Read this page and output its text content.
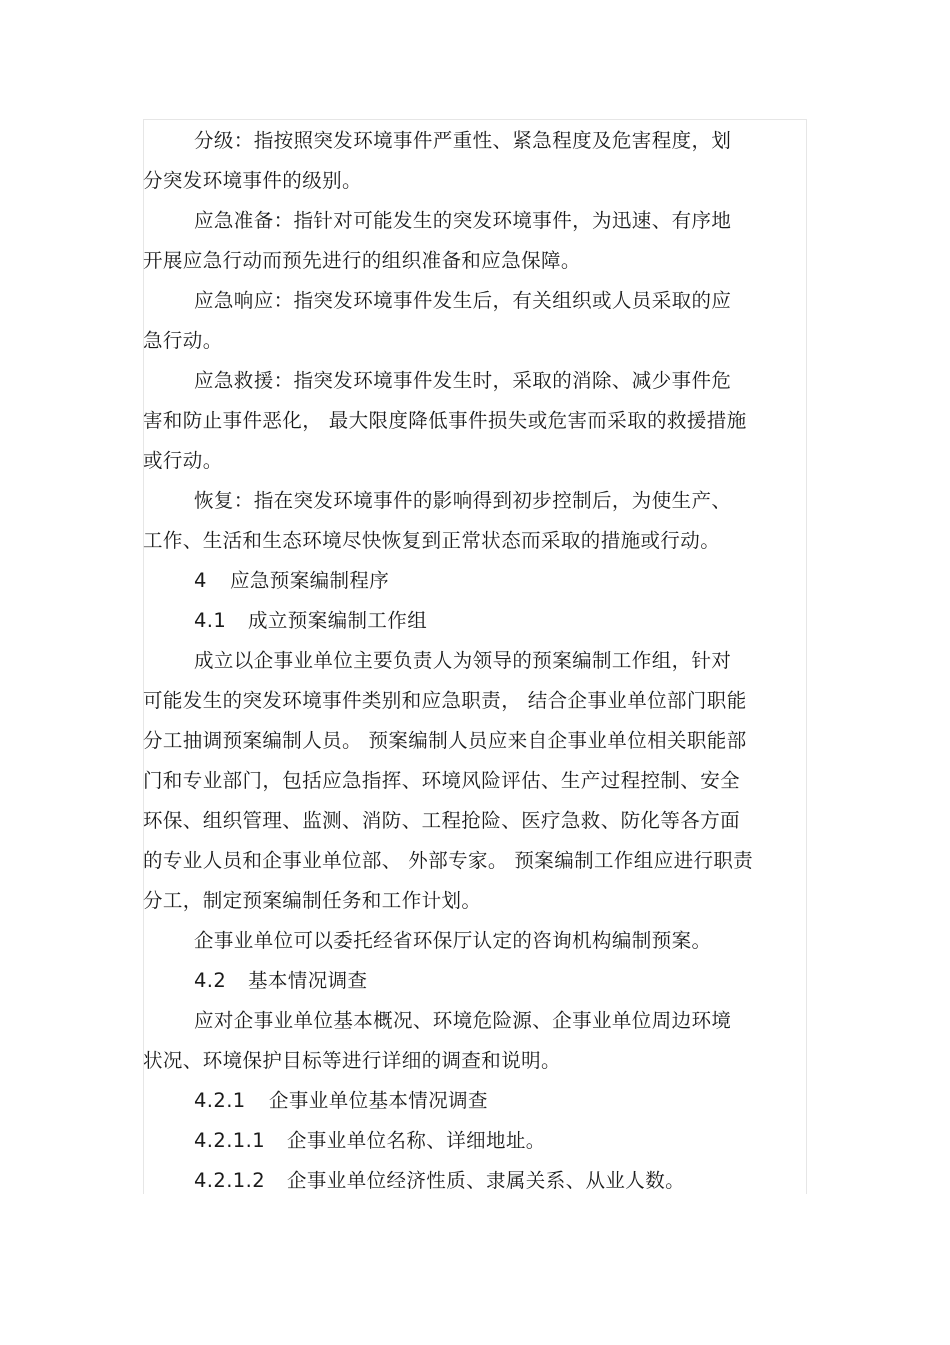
分级：指按照突发环境事件严重性、紧急程度及危害程度，划
分突发环境事件的级别。
应急准备：指针对可能发生的突发环境事件，为迅速、有序地
开展应急行动而预先进行的组织准备和应急保障。
应急响应：指突发环境事件发生后，有关组织或人员采取的应
急行动。
应急救援：指突发环境事件发生时，采取的消除、减少事件危
害和防止事件恶化， 最大限度降低事件损失或危害而采取的救援措施
或行动。
恢复：指在突发环境事件的影响得到初步控制后，为使生产、
工作、生活和生态环境尽快恢复到正常状态而采取的措施或行动。
4 应急预案编制程序
4.1 成立预案编制工作组
成立以企事业单位主要负责人为领导的预案编制工作组，针对
可能发生的突发环境事件类别和应急职责， 结合企事业单位部门职能
分工抽调预案编制人员。 预案编制人员应来自企事业单位相关职能部
门和专业部门，包括应急指挥、环境风险评估、生产过程控制、安全
环保、组织管理、监测、消防、工程抢险、医疗急救、防化等各方面
的专业人员和企事业单位部、 外部专家。 预案编制工作组应进行职责
分工，制定预案编制任务和工作计划。
企事业单位可以委托经省环保厅认定的咨询机构编制预案。
4.2 基本情况调查
应对企事业单位基本概况、环境危险源、企事业单位周边环境
状况、环境保护目标等进行详细的调查和说明。
4.2.1 企事业单位基本情况调查
4.2.1.1 企事业单位名称、详细地址。
4.2.1.2 企事业单位经济性质、隶属关系、从业人数。
